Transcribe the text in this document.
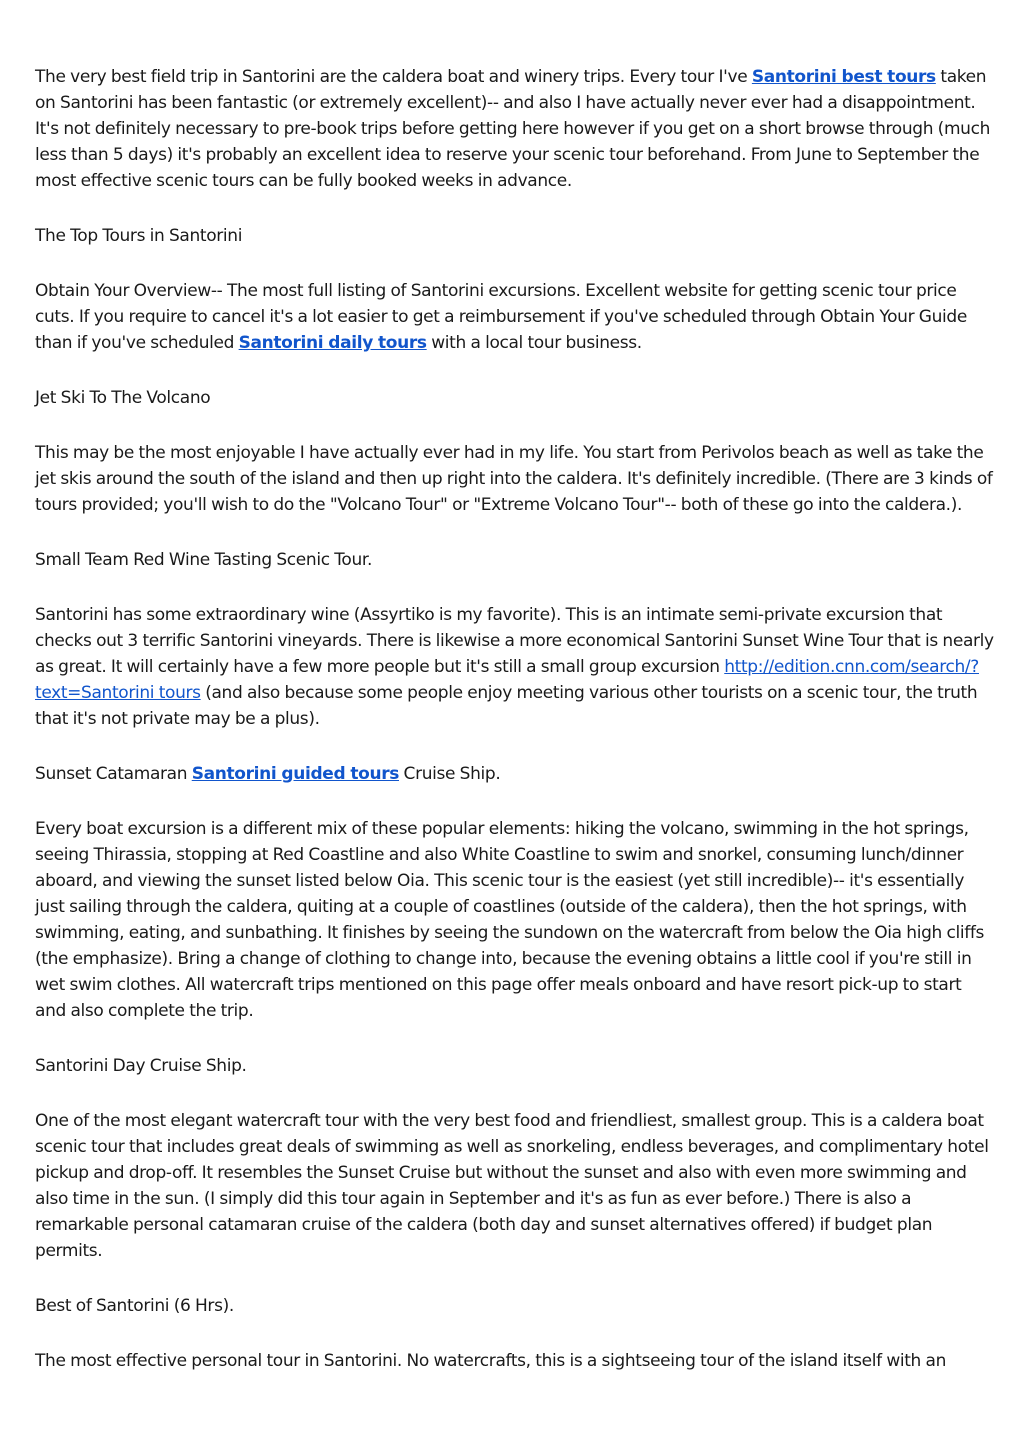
The very best field trip in Santorini are the caldera boat and winery trips. Every tour I've Santorini best tours taken on Santorini has been fantastic (or extremely excellent)-- and also I have actually never ever had a disappointment. It's not definitely necessary to pre-book trips before getting here however if you get on a short browse through (much less than 5 days) it's probably an excellent idea to reserve your scenic tour beforehand. From June to September the most effective scenic tours can be fully booked weeks in advance.

The Top Tours in Santorini

Obtain Your Overview-- The most full listing of Santorini excursions. Excellent website for getting scenic tour price cuts. If you require to cancel it's a lot easier to get a reimbursement if you've scheduled through Obtain Your Guide than if you've scheduled Santorini daily tours with a local tour business.

Jet Ski To The Volcano

This may be the most enjoyable I have actually ever had in my life. You start from Perivolos beach as well as take the jet skis around the south of the island and then up right into the caldera. It's definitely incredible. (There are 3 kinds of tours provided; you'll wish to do the "Volcano Tour" or "Extreme Volcano Tour"-- both of these go into the caldera.).

Small Team Red Wine Tasting Scenic Tour.

Santorini has some extraordinary wine (Assyrtiko is my favorite). This is an intimate semi-private excursion that checks out 3 terrific Santorini vineyards. There is likewise a more economical Santorini Sunset Wine Tour that is nearly as great. It will certainly have a few more people but it's still a small group excursion http://edition.cnn.com/search/?text=Santorini tours (and also because some people enjoy meeting various other tourists on a scenic tour, the truth that it's not private may be a plus).

Sunset Catamaran Santorini guided tours Cruise Ship.

Every boat excursion is a different mix of these popular elements: hiking the volcano, swimming in the hot springs, seeing Thirassia, stopping at Red Coastline and also White Coastline to swim and snorkel, consuming lunch/dinner aboard, and viewing the sunset listed below Oia. This scenic tour is the easiest (yet still incredible)-- it's essentially just sailing through the caldera, quiting at a couple of coastlines (outside of the caldera), then the hot springs, with swimming, eating, and sunbathing. It finishes by seeing the sundown on the watercraft from below the Oia high cliffs (the emphasize). Bring a change of clothing to change into, because the evening obtains a little cool if you're still in wet swim clothes. All watercraft trips mentioned on this page offer meals onboard and have resort pick-up to start and also complete the trip.

Santorini Day Cruise Ship.

One of the most elegant watercraft tour with the very best food and friendliest, smallest group. This is a caldera boat scenic tour that includes great deals of swimming as well as snorkeling, endless beverages, and complimentary hotel pickup and drop-off. It resembles the Sunset Cruise but without the sunset and also with even more swimming and also time in the sun. (I simply did this tour again in September and it's as fun as ever before.) There is also a remarkable personal catamaran cruise of the caldera (both day and sunset alternatives offered) if budget plan permits.

Best of Santorini (6 Hrs).

The most effective personal tour in Santorini. No watercrafts, this is a sightseeing tour of the island itself with an
